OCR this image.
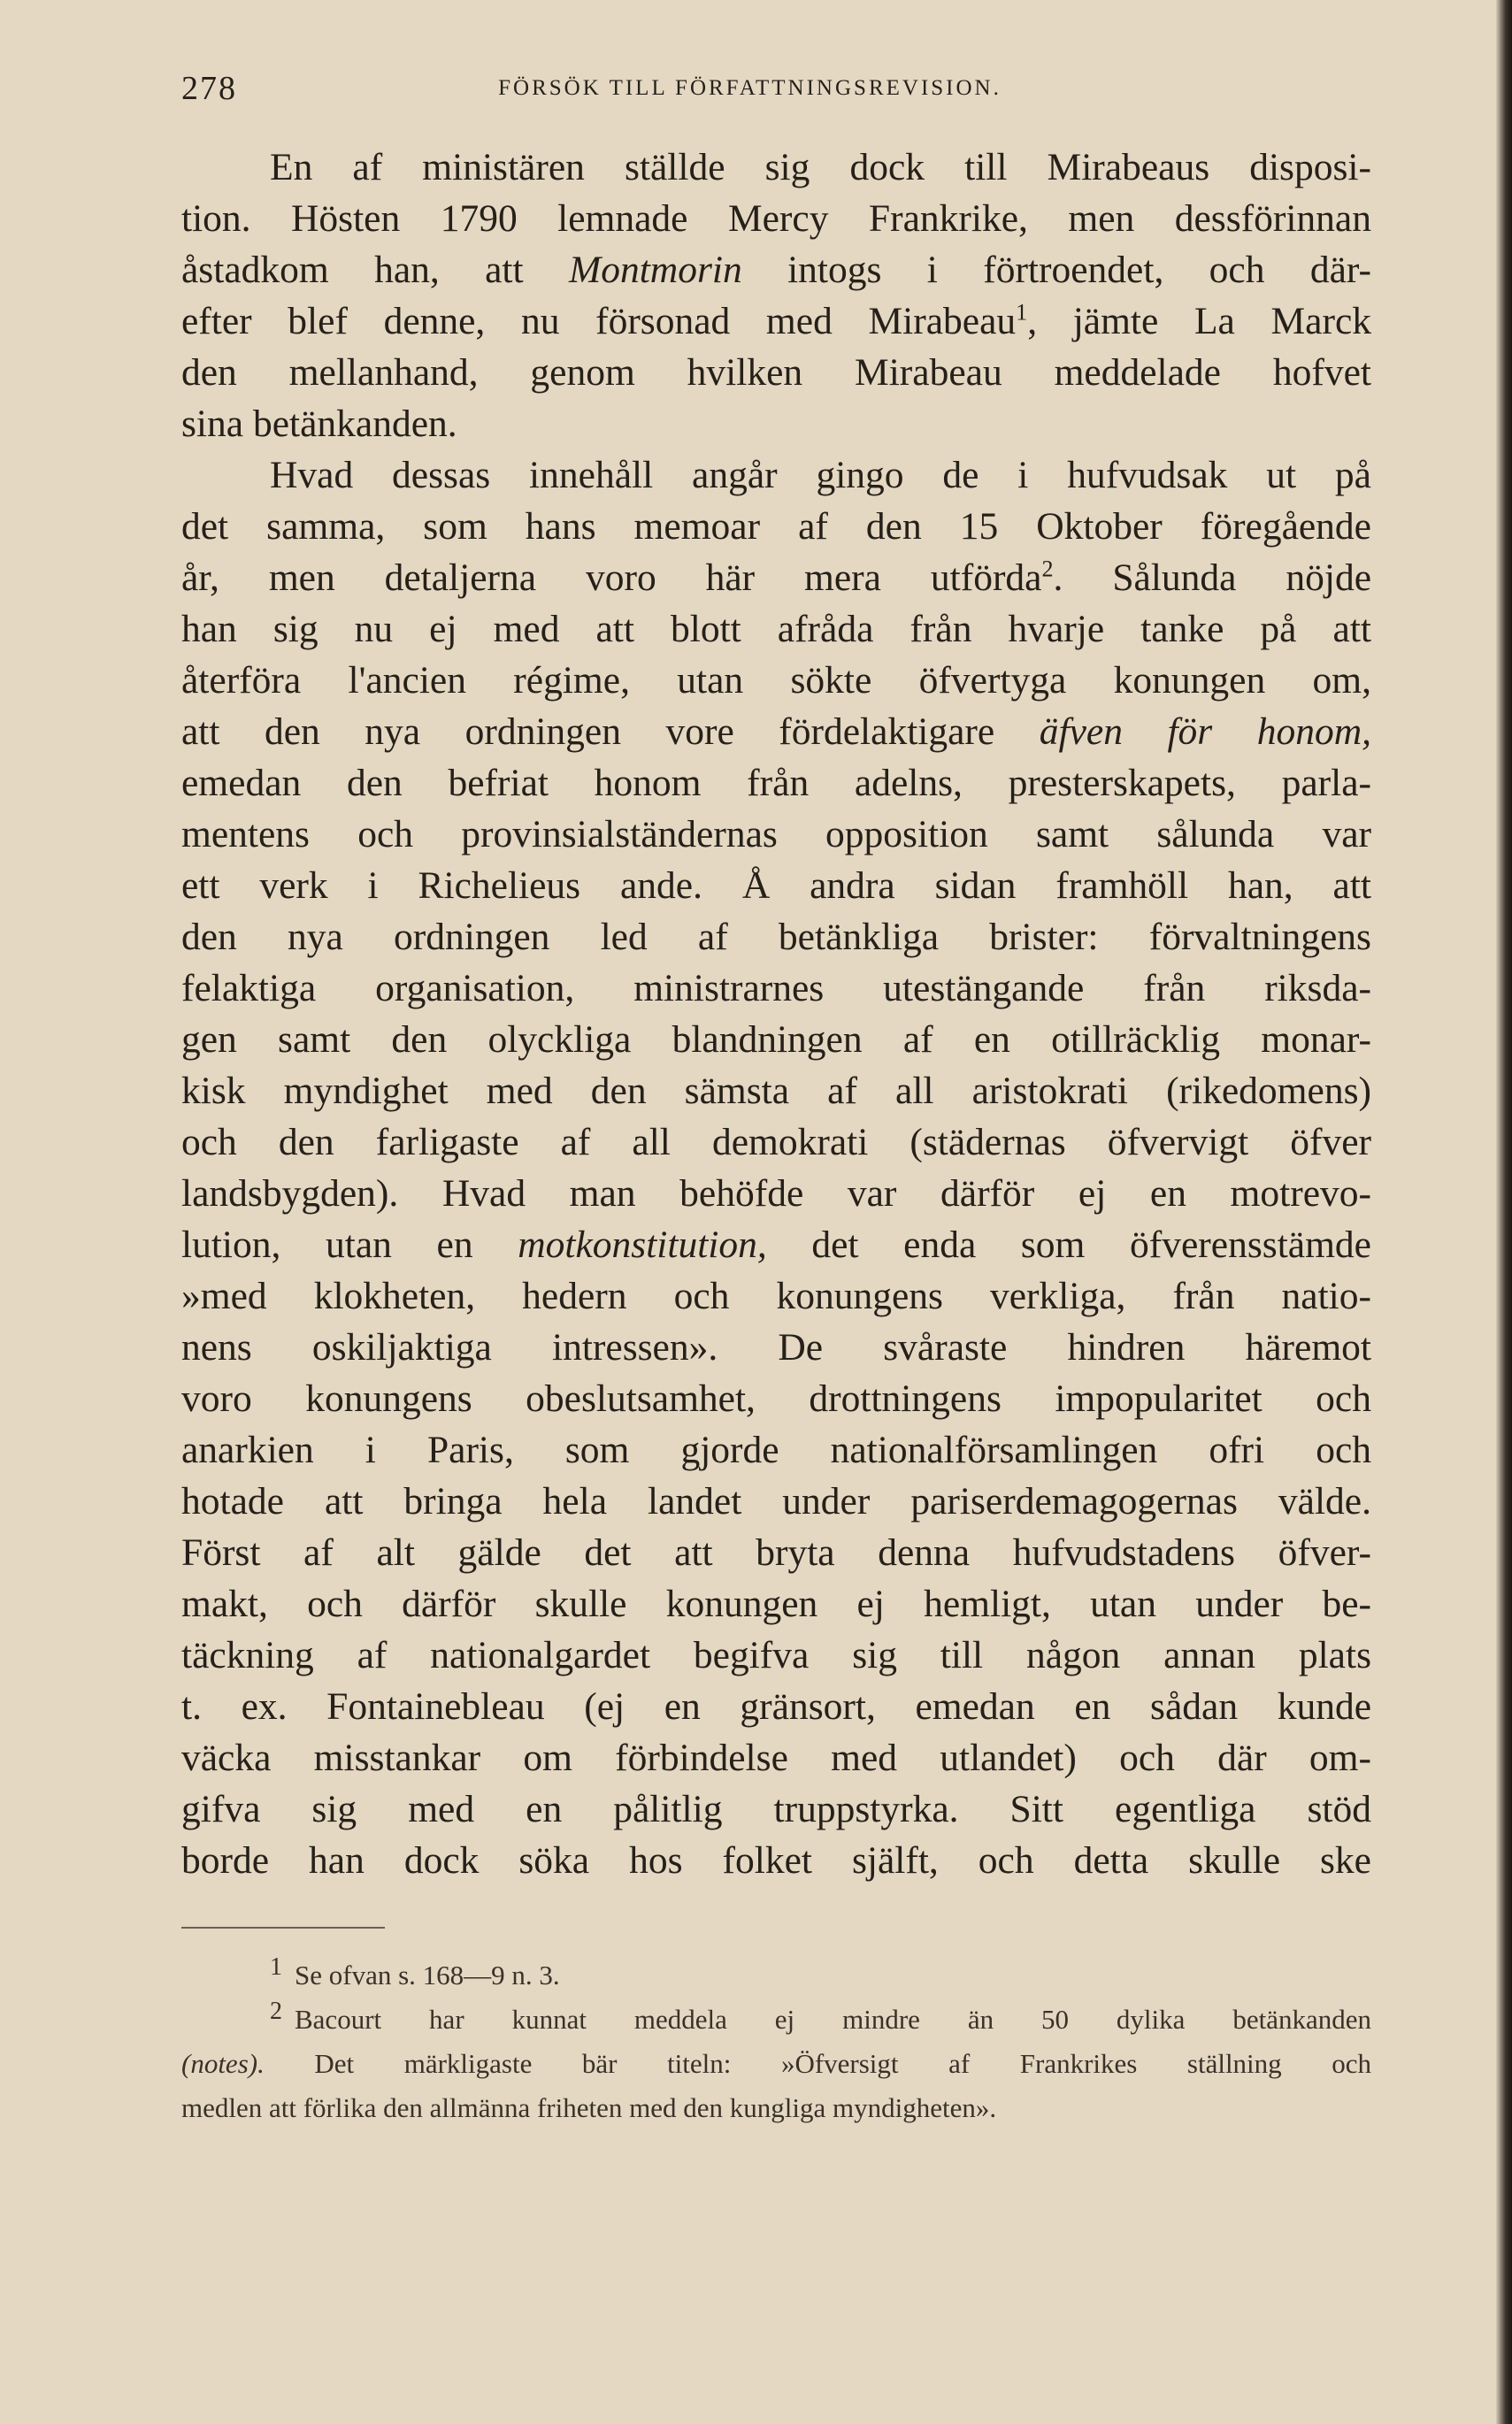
278	FÖRSÖK TILL FÖRFATTNINGSREVISION.
En af ministären ställde sig dock till Mirabeaus disposi-
tion. Hösten 1790 lemnade Mercy Frankrike, men dessförinnan
åstadkom han, att Montmorin intogs i förtroendet, och där-
efter blef denne, nu försonad med Mirabeau$^1$, jämte La Marck
den mellanhand, genom hvilken Mirabeau meddelade hofvet
sina betänkanden.
Hvad dessas innehåll angår gingo de i hufvudsak ut på
det samma, som hans memoar af den 15 Oktober föregående
år, men detaljerna voro här mera utförda$^2$. Sålunda nöjde
han sig nu ej med att blott afråda från hvarje tanke på att
återföra l'ancien régime, utan sökte öfvertyga konungen om,
att den nya ordningen vore fördelaktigare äfven för honom,
emedan den befriat honom från adelns, presterskapets, parla-
mentens och provinsialständernas opposition samt sålunda var
ett verk i Richelieus ande. Å andra sidan framhöll han, att
den nya ordningen led af betänkliga brister: förvaltningens
felaktiga organisation, ministrarnes utestängande från riksda-
gen samt den olyckliga blandningen af en otillräcklig monar-
kisk myndighet med den sämsta af all aristokrati (rikedomens)
och den farligaste af all demokrati (städernas öfvervigt öfver
landsbygden). Hvad man behöfde var därför ej en motrevo-
lution, utan en motkonstitution, det enda som öfverensstämde
»med klokheten, hedern och konungens verkliga, från natio-
nens oskiljaktiga intressen». De svåraste hindren häremot
voro konungens obeslutsamhet, drottningens impopularitet och
anarkien i Paris, som gjorde nationalförsamlingen ofri och
hotade att bringa hela landet under pariserdemagogernas välde.
Först af alt gälde det att bryta denna hufvudstadens öfver-
makt, och därför skulle konungen ej hemligt, utan under be-
täckning af nationalgardet begifva sig till någon annan plats
t. ex. Fontainebleau (ej en gränsort, emedan en sådan kunde
väcka misstankar om förbindelse med utlandet) och där om-
gifva sig med en pålitlig truppstyrka. Sitt egentliga stöd
borde han dock söka hos folket själft, och detta skulle ske
$^1$ Se ofvan s. 168—9 n. 3.
$^2$ Bacourt har kunnat meddela ej mindre än 50 dylika betänkanden
(notes). Det märkligaste bär titeln: »Öfversigt af Frankrikes ställning och
medlen att förlika den allmänna friheten med den kungliga myndigheten».
